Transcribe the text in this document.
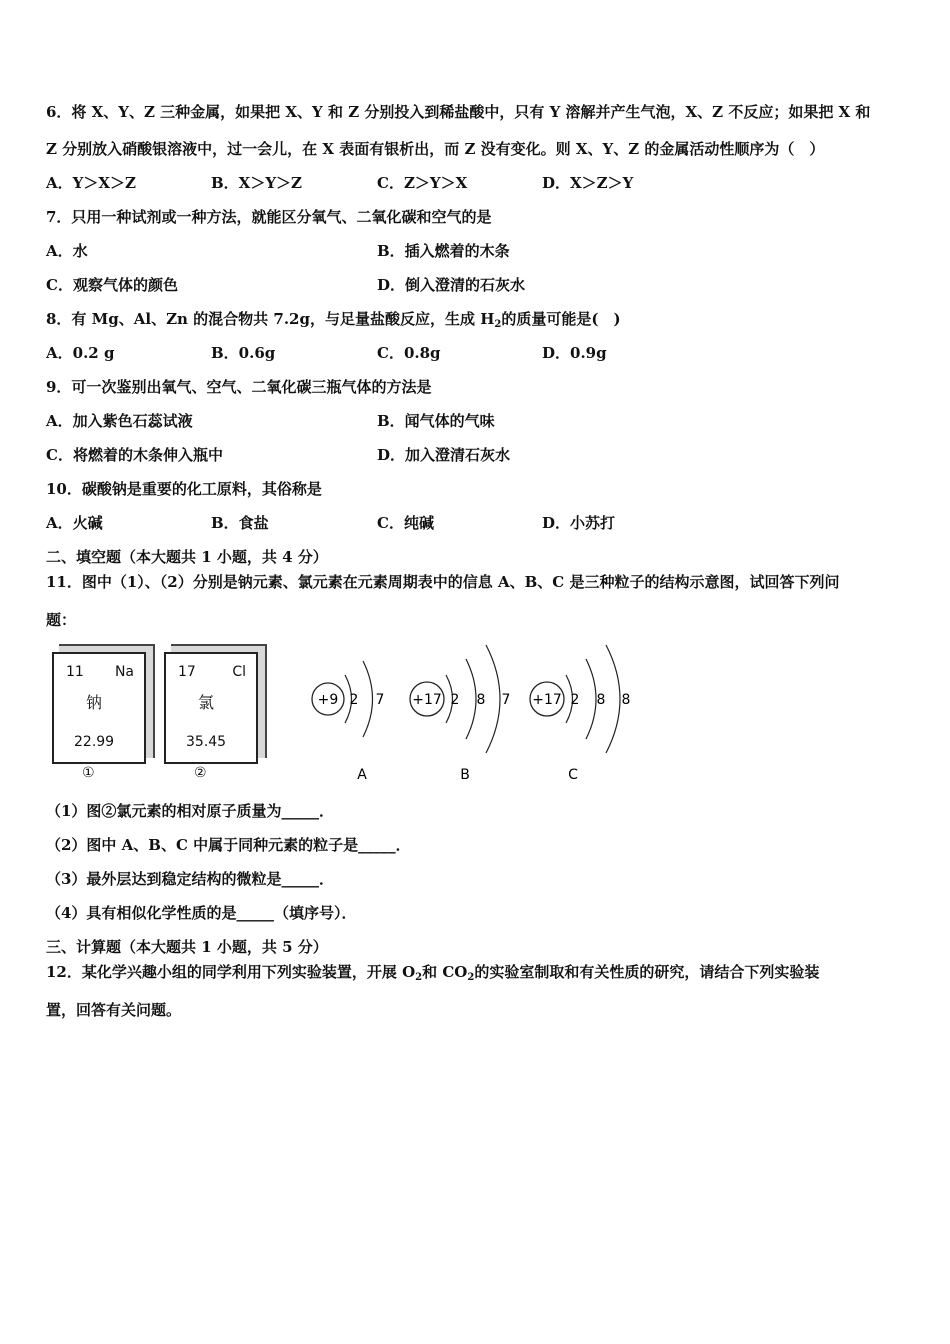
6．将 X、Y、Z 三种金属，如果把 X、Y 和 Z 分别投入到稀盐酸中，只有 Y 溶解并产生气泡，X、Z 不反应；如果把 X 和
Z 分别放入硝酸银溶液中，过一会儿，在 X 表面有银析出，而 Z 没有变化。则 X、Y、Z 的金属活动性顺序为（　）
A．Y＞X＞Z	B．X＞Y＞Z	C．Z＞Y＞X	D．X＞Z＞Y
7．只用一种试剂或一种方法，就能区分氧气、二氧化碳和空气的是
A．水	B．插入燃着的木条
C．观察气体的颜色	D．倒入澄清的石灰水
8．有 Mg、Al、Zn 的混合物共 7.2g，与足量盐酸反应，生成 $H_2$的质量可能是(　)
A．0.2 g	B．0.6g	C．0.8g	D．0.9g
9．可一次鉴别出氧气、空气、二氧化碳三瓶气体的方法是
A．加入紫色石蕊试液	B．闻气体的气味
C．将燃着的木条伸入瓶中	D．加入澄清石灰水
10．碳酸钠是重要的化工原料，其俗称是
A．火碱	B．食盐	C．纯碱	D．小苏打
二、填空题（本大题共 1 小题，共 4 分）
11．图中（1）、（2）分别是钠元素、氯元素在元素周期表中的信息 A、B、C 是三种粒子的结构示意图，试回答下列问
题：
11 Na
钠
22.99
17	Cl
氯
35.45
①	②
+9 2 7
A
+17 2 8 7
B
+17 2 8 8
C
（1）图②氯元素的相对原子质量为_____．
（2）图中 A、B、C 中属于同种元素的粒子是_____．
（3）最外层达到稳定结构的微粒是_____．
（4）具有相似化学性质的是_____（填序号）．
三、计算题（本大题共 1 小题，共 5 分）
12．某化学兴趣小组的同学利用下列实验装置，开展 $O_2$和 $CO_2$的实验室制取和有关性质的研究，请结合下列实验装
置，回答有关问题。
